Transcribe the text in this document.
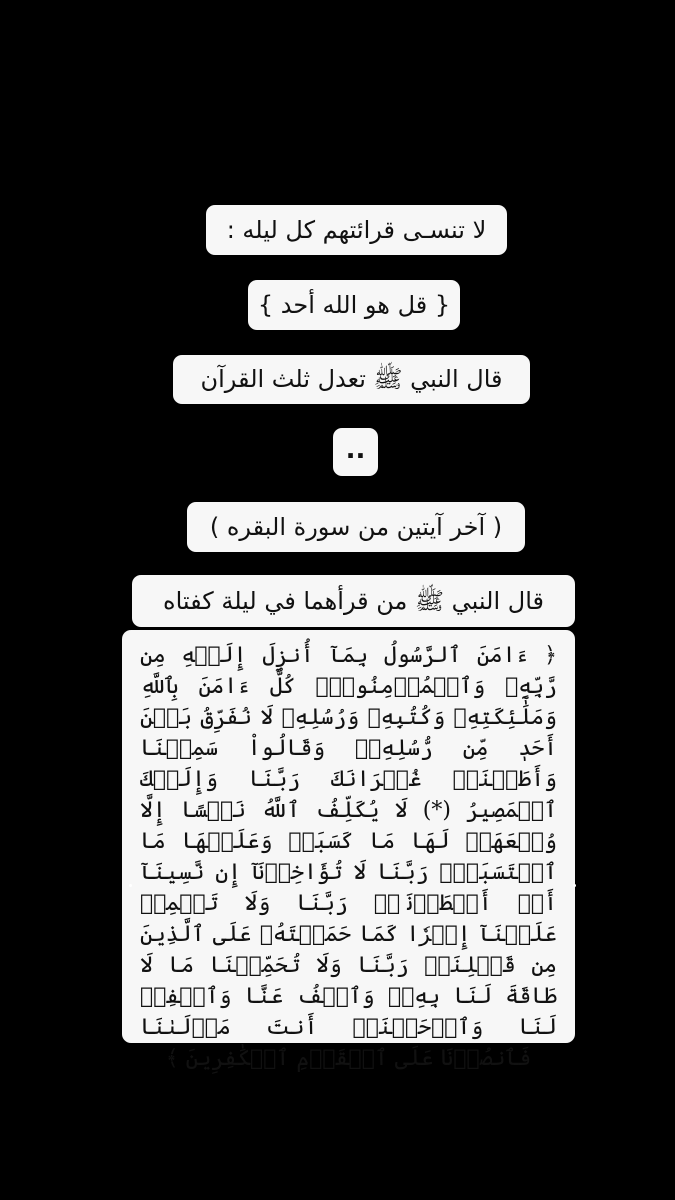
لا تنسـى قرائتهم كل ليله :
{ قل هو الله أحد }
قال النبي ﷺ تعدل ثلث القرآن
..
( آخر آيتين من سورة البقره )
قال النبي ﷺ من قرأهما في ليلة كفتاه
﴿ ءَامَنَ ٱلرَّسُولُ بِمَآ أُنزِلَ إِلَيۡهِ مِن رَّبِّهِۦ وَٱلۡمُؤۡمِنُونَۚ كُلٌّ ءَامَنَ بِٱللَّهِ وَمَلَٰٓئِكَتِهِۦ وَكُتُبِهِۦ وَرُسُلِهِۦ لَا نُفَرِّقُ بَيۡنَ أَحَدٖ مِّن رُّسُلِهِۦۚ وَقَالُواْ سَمِعۡنَا وَأَطَعۡنَاۖ غُفۡرَانَكَ رَبَّنَا وَإِلَيۡكَ ٱلۡمَصِيرُ (*) لَا يُكَلِّفُ ٱللَّهُ نَفۡسًا إِلَّا وُسۡعَهَاۚ لَهَا مَا كَسَبَتۡ وَعَلَيۡهَا مَا ٱكۡتَسَبَتۡۗ رَبَّنَا لَا تُؤَاخِذۡنَآ إِن نَّسِينَآ أَوۡ أَخۡطَأۡنَاۚ رَبَّنَا وَلَا تَحۡمِلۡ عَلَيۡنَآ إِصۡرٗا كَمَا حَمَلۡتَهُۥ عَلَى ٱلَّذِينَ مِن قَبۡلِنَاۚ رَبَّنَا وَلَا تُحَمِّلۡنَا مَا لَا طَاقَةَ لَنَا بِهِۦۖ وَٱعۡفُ عَنَّا وَٱغۡفِرۡ لَنَا وَٱرۡحَمۡنَآۚ أَنتَ مَوۡلَىٰنَا فَٱنصُرۡنَا عَلَى ٱلۡقَوۡمِ ٱلۡكَٰفِرِينَ ﴾
